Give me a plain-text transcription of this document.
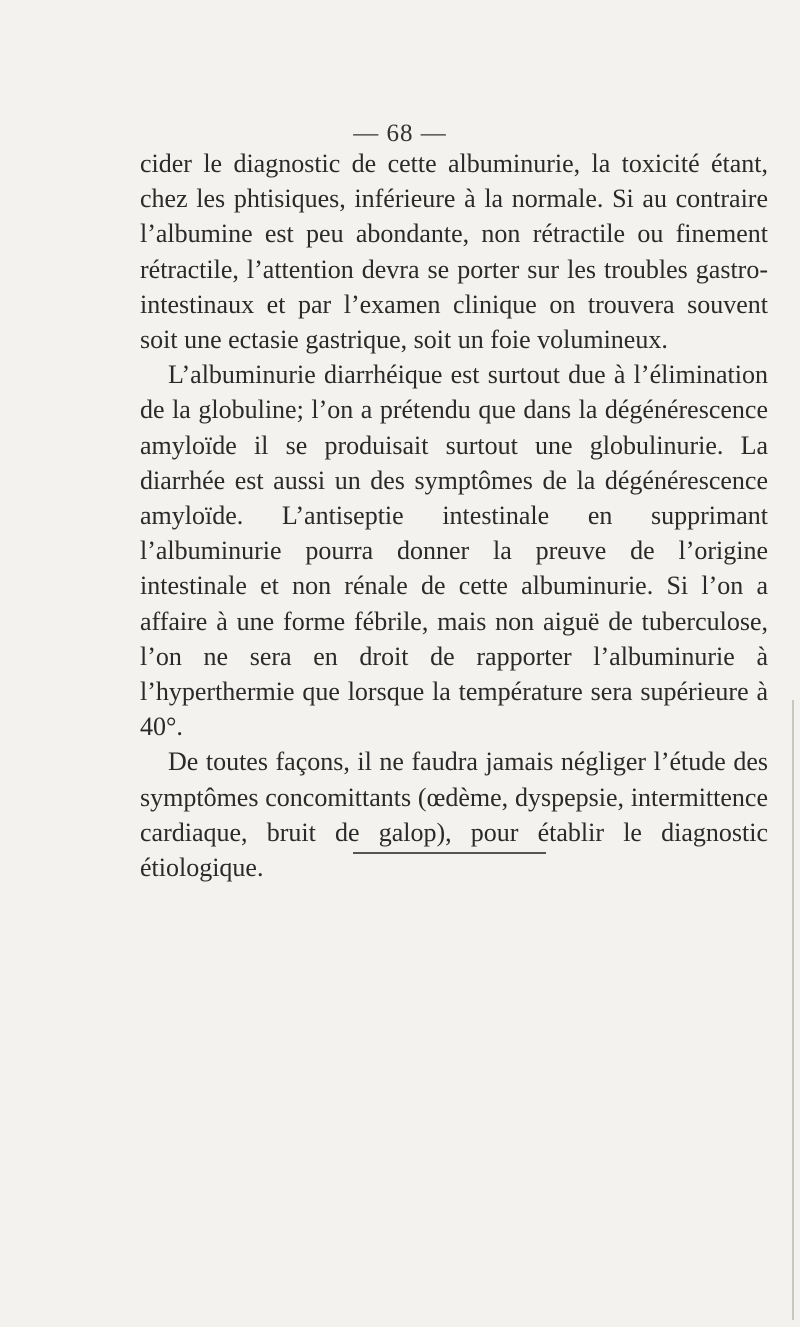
— 68 —

cider le diagnostic de cette albuminurie, la toxicité étant, chez les phtisiques, inférieure à la normale. Si au contraire l’albumine est peu abondante, non rétractile ou finement rétractile, l’attention devra se porter sur les troubles gastro-intestinaux et par l’examen clinique on trouvera souvent soit une ectasie gastrique, soit un foie volumineux.

L’albuminurie diarrhéique est surtout due à l’élimination de la globuline; l’on a prétendu que dans la dégénérescence amyloïde il se produisait surtout une globulinurie. La diarrhée est aussi un des symptômes de la dégénérescence amyloïde. L’antiseptie intestinale en supprimant l’albuminurie pourra donner la preuve de l’origine intestinale et non rénale de cette albuminurie. Si l’on a affaire à une forme fébrile, mais non aiguë de tuberculose, l’on ne sera en droit de rapporter l’albuminurie à l’hyperthermie que lorsque la température sera supérieure à 40°.

De toutes façons, il ne faudra jamais négliger l’étude des symptômes concomittants (œdème, dyspepsie, intermittence cardiaque, bruit de galop), pour établir le diagnostic étiologique.
